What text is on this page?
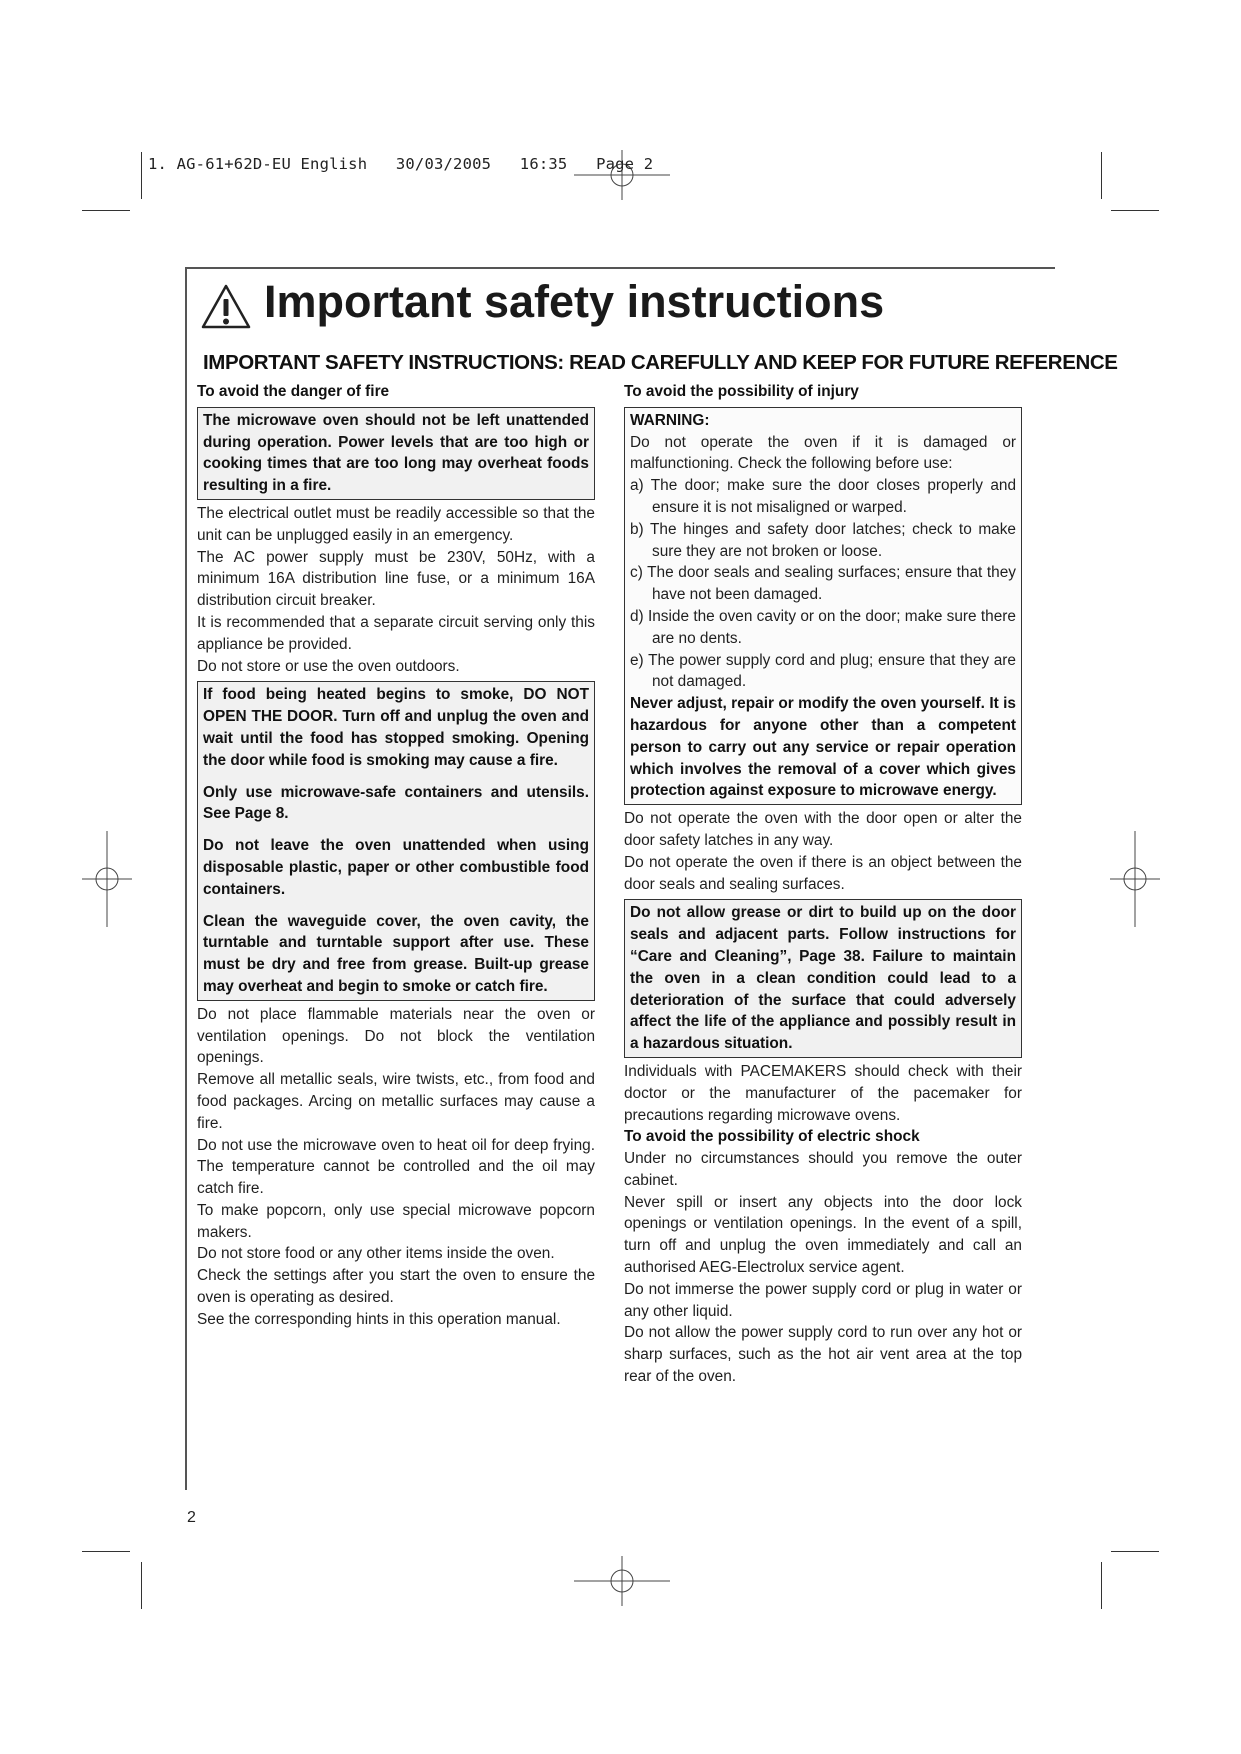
1. AG-61+62D-EU English 30/03/2005 16:35 Page 2
Important safety instructions
IMPORTANT SAFETY INSTRUCTIONS: READ CAREFULLY AND KEEP FOR FUTURE REFERENCE

To avoid the danger of fire

The microwave oven should not be left unattended during operation. Power levels that are too high or cooking times that are too long may overheat foods resulting in a fire.

The electrical outlet must be readily accessible so that the unit can be unplugged easily in an emergency.

The AC power supply must be 230V, 50Hz, with a minimum 16A distribution line fuse, or a minimum 16A distribution circuit breaker.

It is recommended that a separate circuit serving only this appliance be provided.

Do not store or use the oven outdoors.

If food being heated begins to smoke, DO NOT OPEN THE DOOR. Turn off and unplug the oven and wait until the food has stopped smoking. Opening the door while food is smoking may cause a fire.

Only use microwave-safe containers and utensils. See Page 8.

Do not leave the oven unattended when using disposable plastic, paper or other combustible food containers.

Clean the waveguide cover, the oven cavity, the turntable and turntable support after use. These must be dry and free from grease. Built-up grease may overheat and begin to smoke or catch fire.

Do not place flammable materials near the oven or ventilation openings. Do not block the ventilation openings.

Remove all metallic seals, wire twists, etc., from food and food packages. Arcing on metallic surfaces may cause a fire.

Do not use the microwave oven to heat oil for deep frying. The temperature cannot be controlled and the oil may catch fire.

To make popcorn, only use special microwave popcorn makers.

Do not store food or any other items inside the oven.

Check the settings after you start the oven to ensure the oven is operating as desired.

See the corresponding hints in this operation manual.

To avoid the possibility of injury

WARNING:

Do not operate the oven if it is damaged or malfunctioning. Check the following before use:

a) The door; make sure the door closes properly and ensure it is not misaligned or warped.

b) The hinges and safety door latches; check to make sure they are not broken or loose.

c) The door seals and sealing surfaces; ensure that they have not been damaged.

d) Inside the oven cavity or on the door; make sure there are no dents.

e) The power supply cord and plug; ensure that they are not damaged.

Never adjust, repair or modify the oven yourself. It is hazardous for anyone other than a competent person to carry out any service or repair operation which involves the removal of a cover which gives protection against exposure to microwave energy.

Do not operate the oven with the door open or alter the door safety latches in any way.

Do not operate the oven if there is an object between the door seals and sealing surfaces.

Do not allow grease or dirt to build up on the door seals and adjacent parts. Follow instructions for “Care and Cleaning”, Page 38. Failure to maintain the oven in a clean condition could lead to a deterioration of the surface that could adversely affect the life of the appliance and possibly result in a hazardous situation.

Individuals with PACEMAKERS should check with their doctor or the manufacturer of the pacemaker for precautions regarding microwave ovens.

To avoid the possibility of electric shock

Under no circumstances should you remove the outer cabinet.

Never spill or insert any objects into the door lock openings or ventilation openings. In the event of a spill, turn off and unplug the oven immediately and call an authorised AEG-Electrolux service agent.

Do not immerse the power supply cord or plug in water or any other liquid.

Do not allow the power supply cord to run over any hot or sharp surfaces, such as the hot air vent area at the top rear of the oven.

2
